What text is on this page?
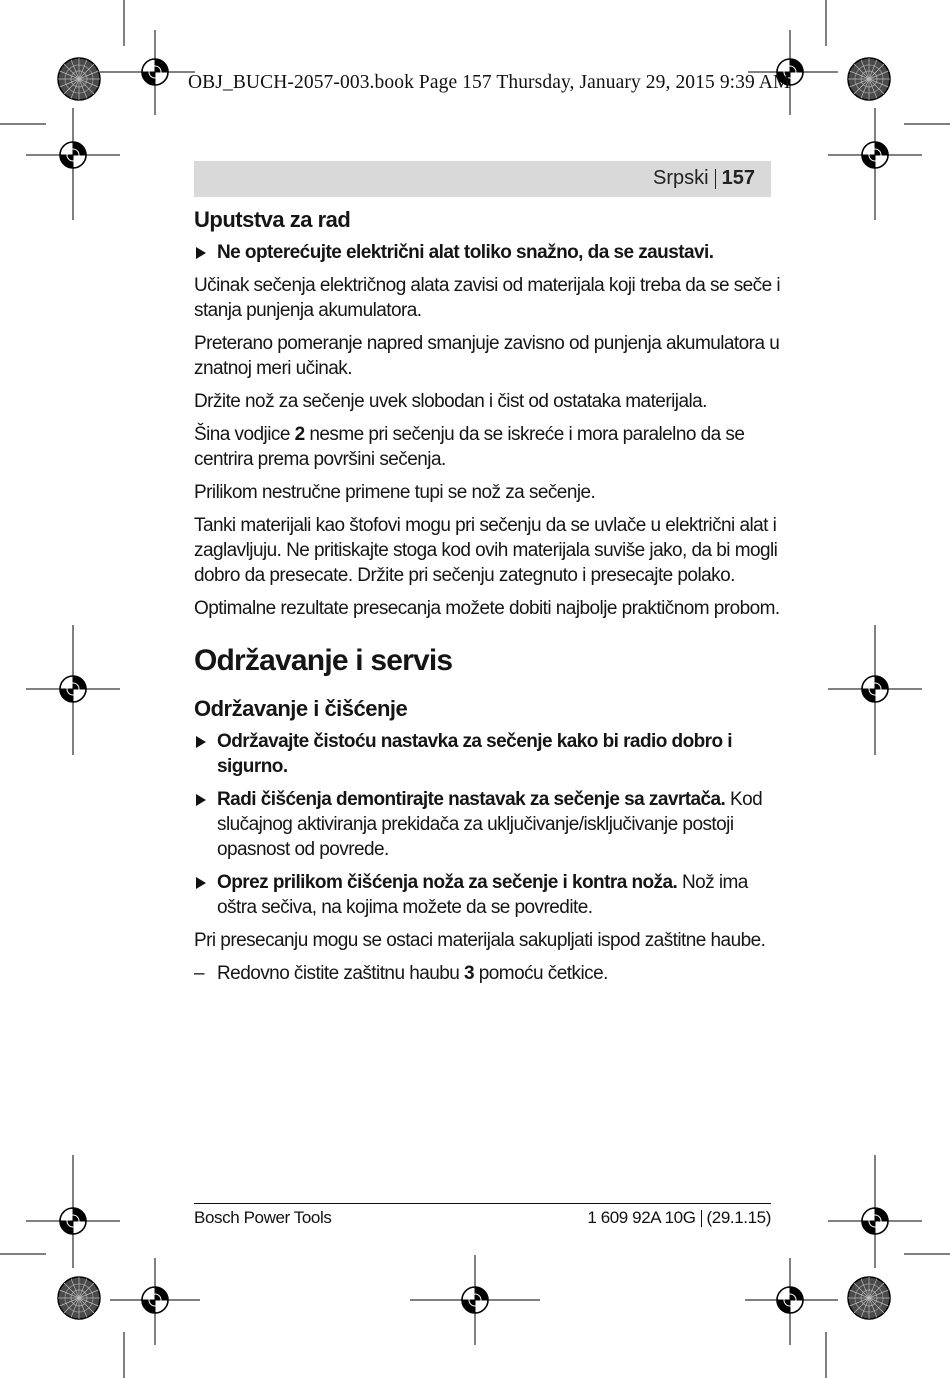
OBJ_BUCH-2057-003.book Page 157 Thursday, January 29, 2015 9:39 AM
Srpski 157
Uputstva za rad
Ne opterećujte električni alat toliko snažno, da se zaustavi.

Učinak sečenja električnog alata zavisi od materijala koji treba da se seče i stanja punjenja akumulatora.

Preterano pomeranje napred smanjuje zavisno od punjenja akumulatora u znatnoj meri učinak.

Držite nož za sečenje uvek slobodan i čist od ostataka materijala.

Šina vodjice 2 nesme pri sečenju da se iskreće i mora paralelno da se centrira prema površini sečenja.

Prilikom nestručne primene tupi se nož za sečenje.

Tanki materijali kao štofovi mogu pri sečenju da se uvlače u električni alat i zaglavljuju. Ne pritiskajte stoga kod ovih materijala suviše jako, da bi mogli dobro da presecate. Držite pri sečenju zategnuto i presecajte polako.

Optimalne rezultate presecanja možete dobiti najbolje praktičnom probom.

Održavanje i servis
Održavanje i čišćenje
Održavajte čistoću nastavka za sečenje kako bi radio dobro i sigurno.
Radi čišćenja demontirajte nastavak za sečenje sa zavrtača. Kod slučajnog aktiviranja prekidača za uključivanje/isključivanje postoji opasnost od povrede.
Oprez prilikom čišćenja noža za sečenje i kontra noža. Nož ima oštra sečiva, na kojima možete da se povredite.

Pri presecanju mogu se ostaci materijala sakupljati ispod zaštitne haube.

– Redovno čistite zaštitnu haubu 3 pomoću četkice.
Bosch Power Tools	1 609 92A 10G (29.1.15)
